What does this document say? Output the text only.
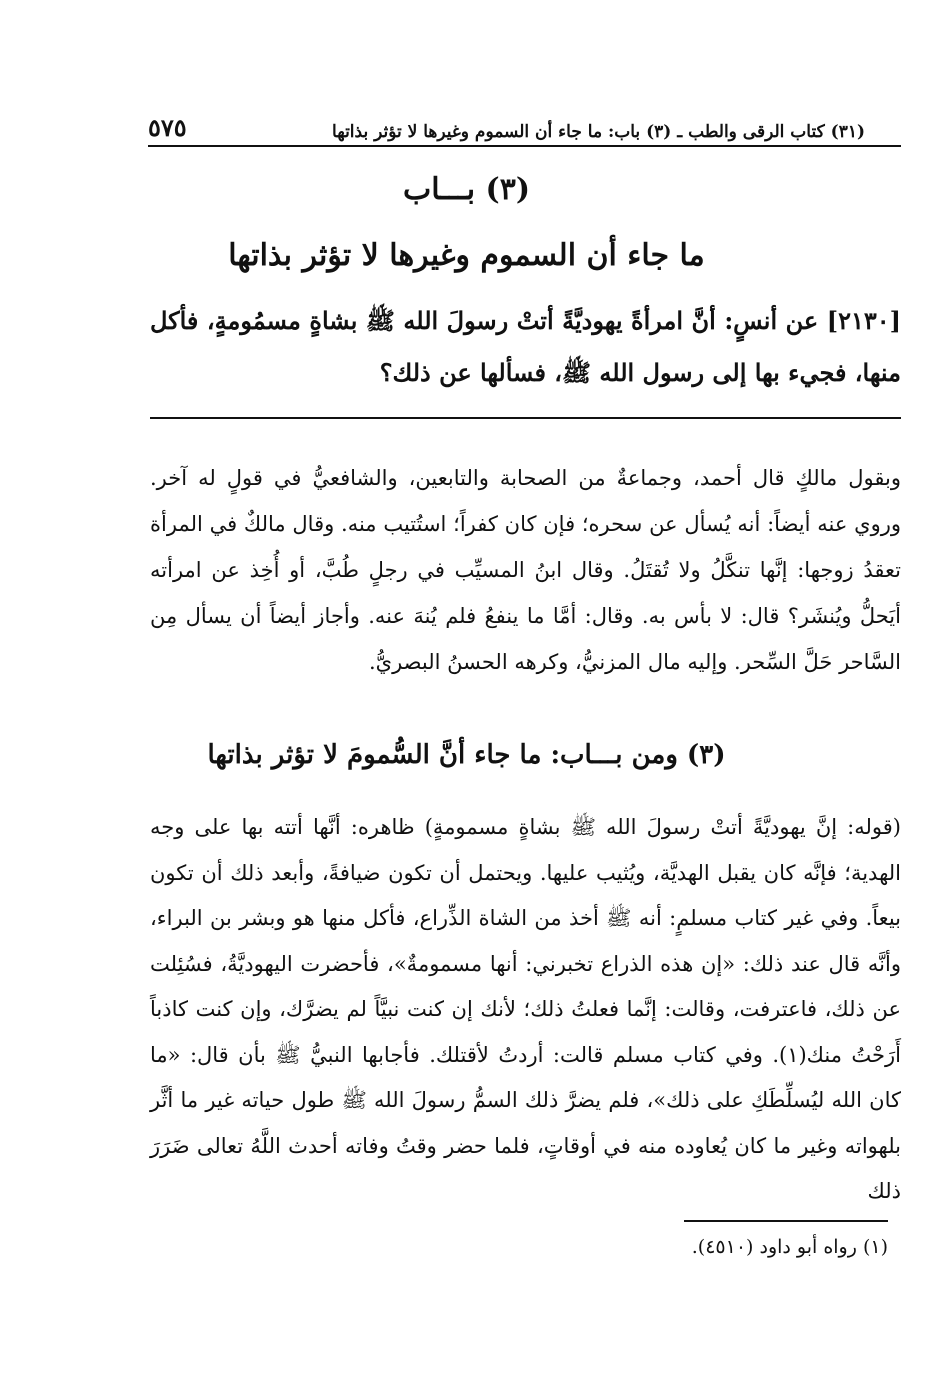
(٣١) كتاب الرقى والطب ـ (٣) باب: ما جاء أن السموم وغيرها لا تؤثر بذاتها
٥٧٥
(٣) بـــاب
ما جاء أن السموم وغيرها لا تؤثر بذاتها
[٢١٣٠] عن أنسٍ: أنَّ امرأةً يهوديَّةً أتتْ رسولَ الله ﷺ بشاةٍ مسمُومةٍ، فأكل منها، فجيء بها إلى رسول الله ﷺ، فسألها عن ذلك؟
وبقول مالكٍ قال أحمد، وجماعةٌ من الصحابة والتابعين، والشافعيُّ في قولٍ له آخر. وروي عنه أيضاً: أنه يُسأل عن سحره؛ فإن كان كفراً؛ استُتيب منه. وقال مالكٌ في المرأة تعقدُ زوجها: إنَّها تنكَّلُ ولا تُقتَلُ. وقال ابنُ المسيِّب في رجلٍ طُبَّ، أو أُخِذ عن امرأته أيَحلُّ ويُنشَر؟ قال: لا بأس به. وقال: أمَّا ما ينفعُ فلم يُنهَ عنه. وأجاز أيضاً أن يسأل مِن السَّاحر حَلَّ السِّحر. وإليه مال المزنيُّ، وكرهه الحسنُ البصريُّ.
(٣) ومن بـــاب: ما جاء أنَّ السُّمومَ لا تؤثر بذاتها
(قوله: إنَّ يهوديَّةً أتتْ رسولَ الله ﷺ بشاةٍ مسمومةٍ) ظاهره: أنَّها أتته بها على وجه الهدية؛ فإنَّه كان يقبل الهديَّة، ويُثيب عليها. ويحتمل أن تكون ضيافةً، وأبعد ذلك أن تكون بيعاً. وفي غير كتاب مسلمٍ: أنه ﷺ أخذ من الشاة الذِّراع، فأكل منها هو وبشر بن البراء، وأنَّه قال عند ذلك: «إن هذه الذراع تخبرني: أنها مسمومةٌ»، فأحضرت اليهوديَّةُ، فسُئِلت عن ذلك، فاعترفت، وقالت: إنَّما فعلتُ ذلك؛ لأنك إن كنت نبيَّاً لم يضرَّك، وإن كنت كاذباً أَرَحْتُ منك(١). وفي كتاب مسلم قالت: أردتُ لأقتلك. فأجابها النبيُّ ﷺ بأن قال: «ما كان الله ليُسلِّطَكِ على ذلك»، فلم يضرَّ ذلك السمُّ رسولَ الله ﷺ طول حياته غير ما أثَّر بلهواته وغير ما كان يُعاوده منه في أوقاتٍ، فلما حضر وقتُ وفاته أحدث اللَّهُ تعالى ضَرَرَ ذلك
(١) رواه أبو داود (٤٥١٠).
